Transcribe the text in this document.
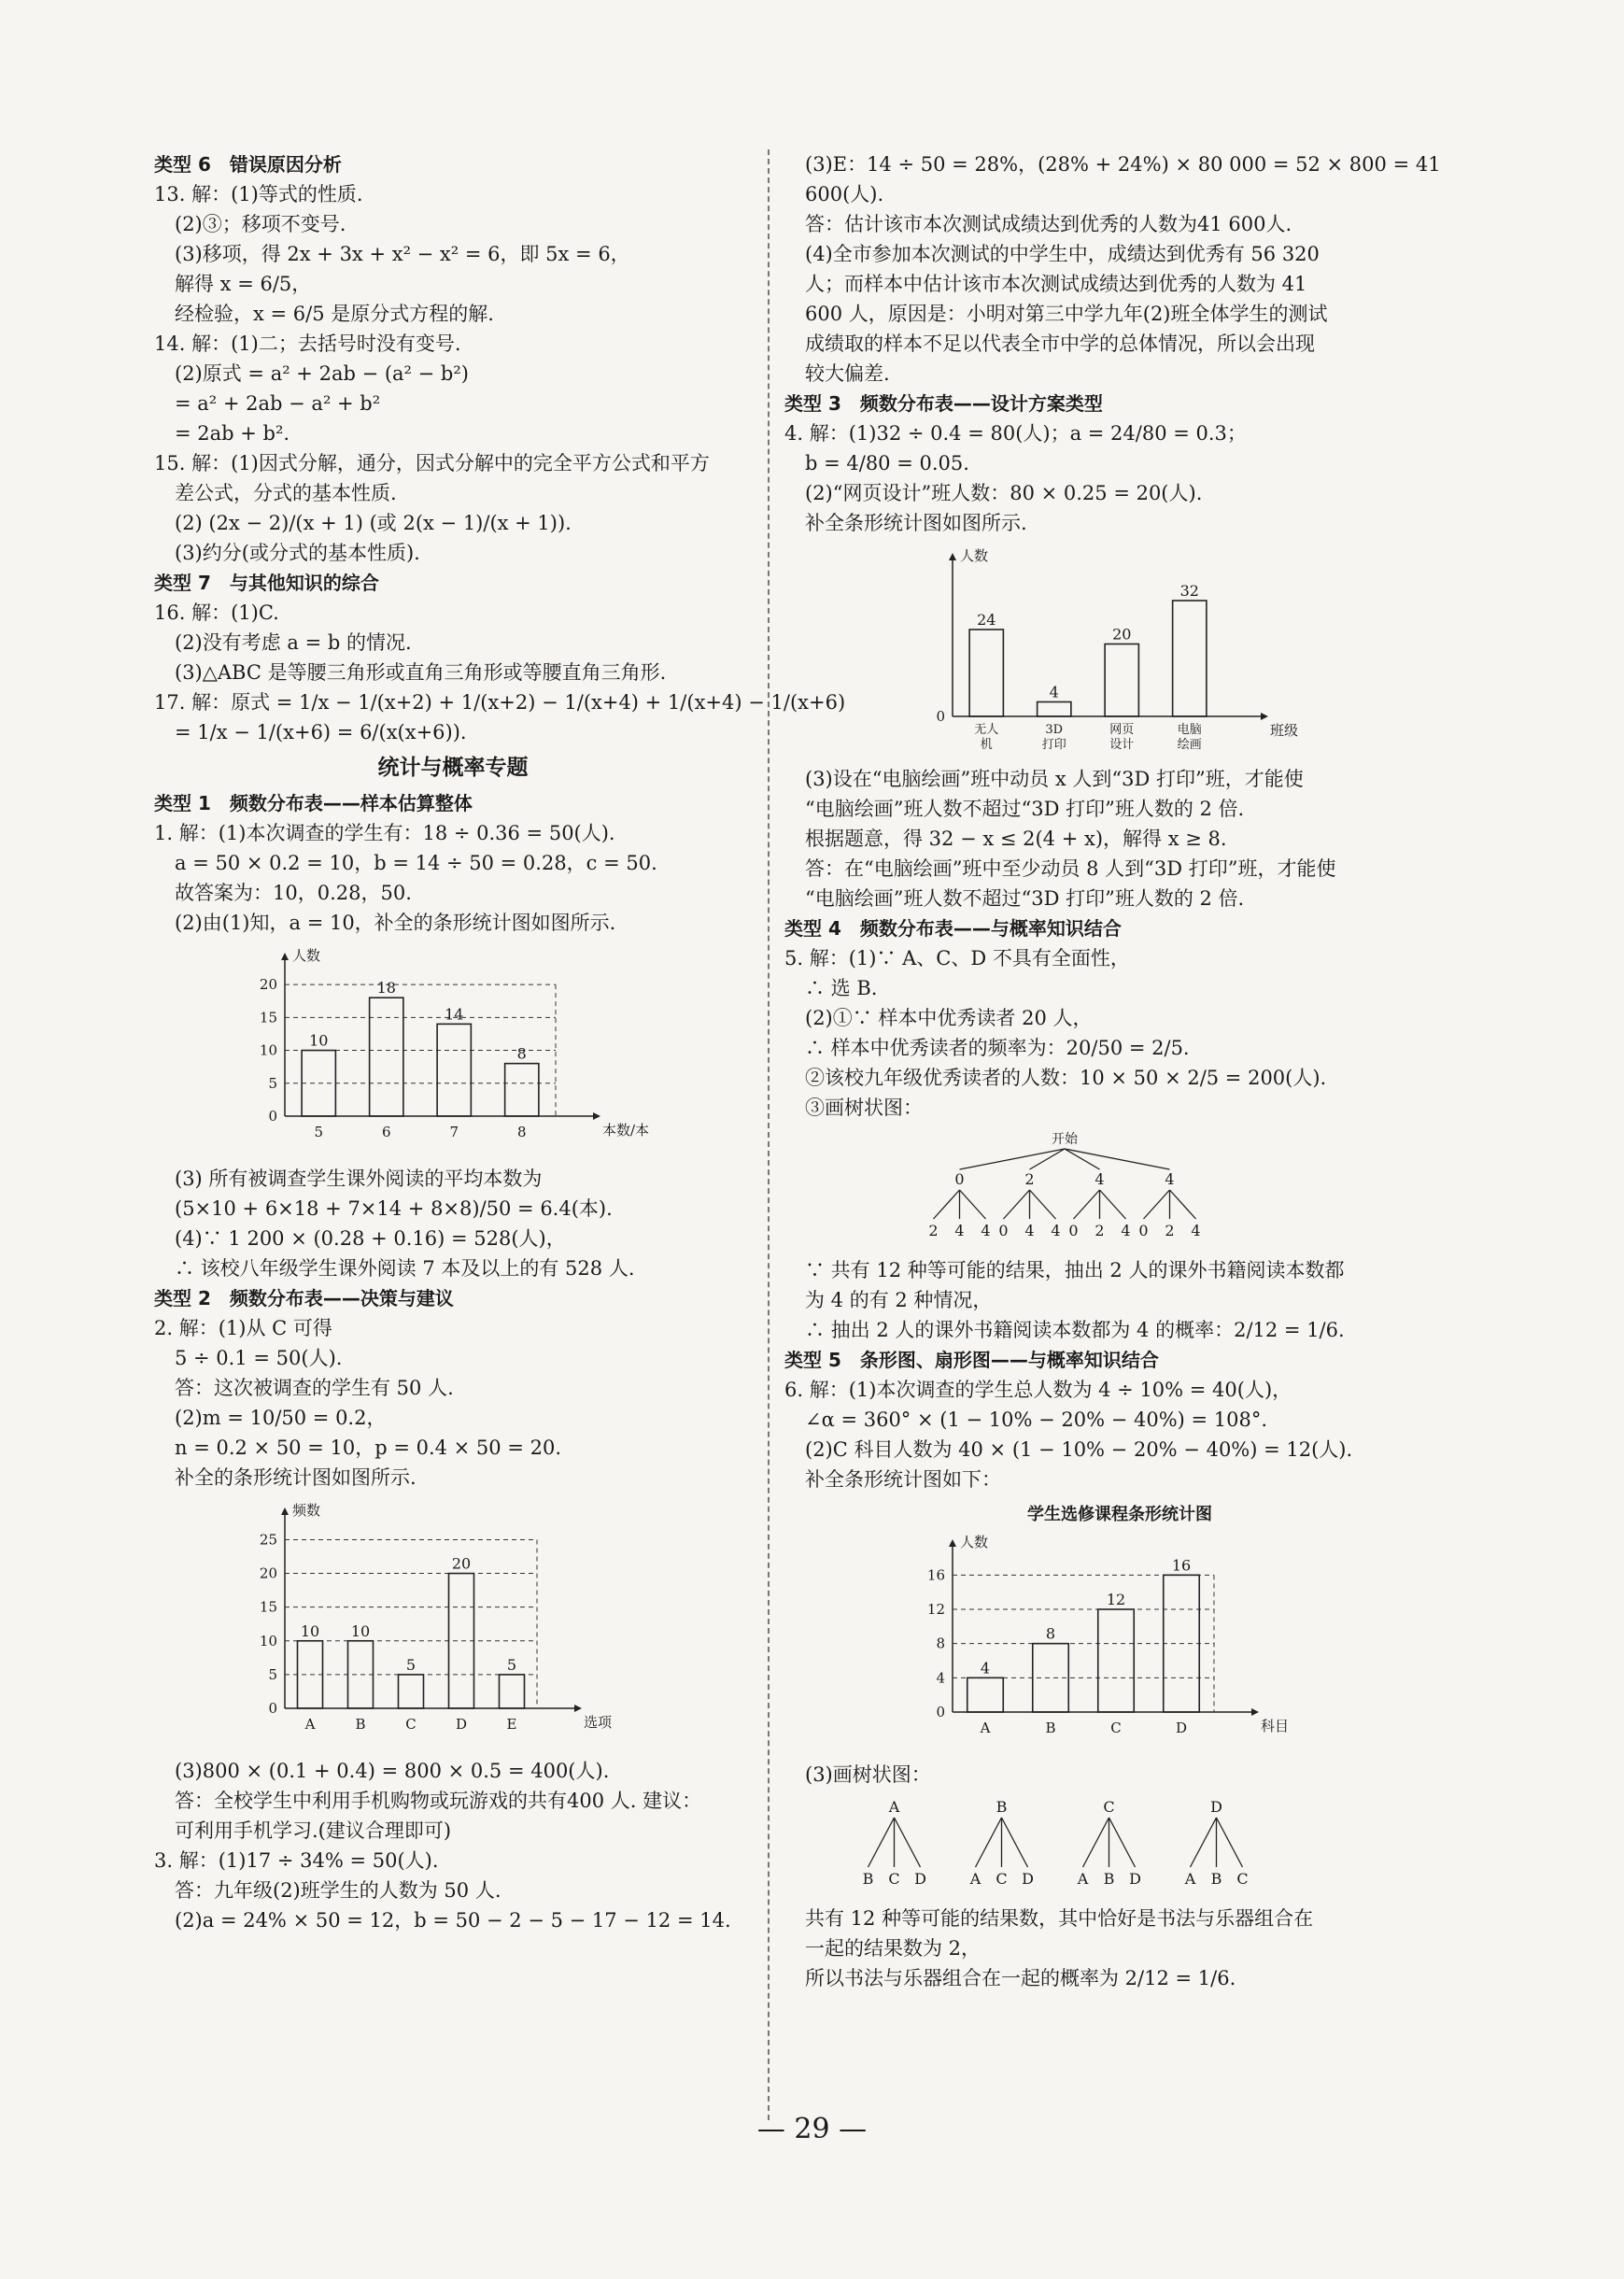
类型 6　错误原因分析
13. 解：(1)等式的性质.
(2)③；移项不变号.
(3)移项，得 2x + 3x + x² − x² = 6，即 5x = 6，
解得 x = 6/5，
经检验，x = 6/5 是原分式方程的解.
14. 解：(1)二；去括号时没有变号.
(2)原式 = a² + 2ab − (a² − b²)
= a² + 2ab − a² + b²
= 2ab + b².
15. 解：(1)因式分解，通分，因式分解中的完全平方公式和平方
差公式，分式的基本性质.
(2) (2x − 2)/(x + 1) (或 2(x − 1)/(x + 1)).
(3)约分(或分式的基本性质).
类型 7　与其他知识的综合
16. 解：(1)C.
(2)没有考虑 a = b 的情况.
(3)△ABC 是等腰三角形或直角三角形或等腰直角三角形.
17. 解：原式 = 1/x − 1/(x+2) + 1/(x+2) − 1/(x+4) + 1/(x+4) − 1/(x+6)
= 1/x − 1/(x+6) = 6/(x(x+6)).
统计与概率专题
类型 1　频数分布表——样本估算整体
1. 解：(1)本次调查的学生有：18 ÷ 0.36 = 50(人).
a = 50 × 0.2 = 10，b = 14 ÷ 50 = 0.28，c = 50.
故答案为：10，0.28，50.
(2)由(1)知，a = 10，补全的条形统计图如图所示.
人数
本数/本
0
5
10
15
20
10
5
18
6
14
7
8
8
(3) 所有被调查学生课外阅读的平均本数为
(5×10 + 6×18 + 7×14 + 8×8)/50 = 6.4(本).
(4)∵ 1 200 × (0.28 + 0.16) = 528(人)，
∴ 该校八年级学生课外阅读 7 本及以上的有 528 人.
类型 2　频数分布表——决策与建议
2. 解：(1)从 C 可得
5 ÷ 0.1 = 50(人).
答：这次被调查的学生有 50 人.
(2)m = 10/50 = 0.2，
n = 0.2 × 50 = 10，p = 0.4 × 50 = 20.
补全的条形统计图如图所示.
频数
选项
0
5
10
15
20
25
10
A
10
B
5
C
20
D
5
E
(3)800 × (0.1 + 0.4) = 800 × 0.5 = 400(人).
答：全校学生中利用手机购物或玩游戏的共有400 人. 建议：
可利用手机学习.(建议合理即可)
3. 解：(1)17 ÷ 34% = 50(人).
答：九年级(2)班学生的人数为 50 人.
(2)a = 24% × 50 = 12，b = 50 − 2 − 5 − 17 − 12 = 14.
(3)E：14 ÷ 50 = 28%，(28% + 24%) × 80 000 = 52 × 800 = 41
600(人).
答：估计该市本次测试成绩达到优秀的人数为41 600人.
(4)全市参加本次测试的中学生中，成绩达到优秀有 56 320
人；而样本中估计该市本次测试成绩达到优秀的人数为 41
600 人，原因是：小明对第三中学九年(2)班全体学生的测试
成绩取的样本不足以代表全市中学的总体情况，所以会出现
较大偏差.
类型 3　频数分布表——设计方案类型
4. 解：(1)32 ÷ 0.4 = 80(人)；a = 24/80 = 0.3；
b = 4/80 = 0.05.
(2)“网页设计”班人数：80 × 0.25 = 20(人).
补全条形统计图如图所示.
人数
班级
0
24
无人
机
4
3D
打印
20
网页
设计
32
电脑
绘画
(3)设在“电脑绘画”班中动员 x 人到“3D 打印”班，才能使
“电脑绘画”班人数不超过“3D 打印”班人数的 2 倍.
根据题意，得 32 − x ≤ 2(4 + x)，解得 x ≥ 8.
答：在“电脑绘画”班中至少动员 8 人到“3D 打印”班，才能使
“电脑绘画”班人数不超过“3D 打印”班人数的 2 倍.
类型 4　频数分布表——与概率知识结合
5. 解：(1)∵ A、C、D 不具有全面性，
∴ 选 B.
(2)①∵ 样本中优秀读者 20 人，
∴ 样本中优秀读者的频率为：20/50 = 2/5.
②该校九年级优秀读者的人数：10 × 50 × 2/5 = 200(人).
③画树状图：
开始
0
2 4 4
2
0 4 4
4
0 2 4
4
0 2 4
∵ 共有 12 种等可能的结果，抽出 2 人的课外书籍阅读本数都
为 4 的有 2 种情况，
∴ 抽出 2 人的课外书籍阅读本数都为 4 的概率：2/12 = 1/6.
类型 5　条形图、扇形图——与概率知识结合
6. 解：(1)本次调查的学生总人数为 4 ÷ 10% = 40(人)，
∠α = 360° × (1 − 10% − 20% − 40%) = 108°.
(2)C 科目人数为 40 × (1 − 10% − 20% − 40%) = 12(人).
补全条形统计图如下：
学生选修课程条形统计图
人数
科目
0
4
8
12
16
4
A
8
B
12
C
16
D
(3)画树状图：
A
B C D
B
A C D
C
A B D
D
A B C
共有 12 种等可能的结果数，其中恰好是书法与乐器组合在
一起的结果数为 2，
所以书法与乐器组合在一起的概率为 2/12 = 1/6.
— 29 —
